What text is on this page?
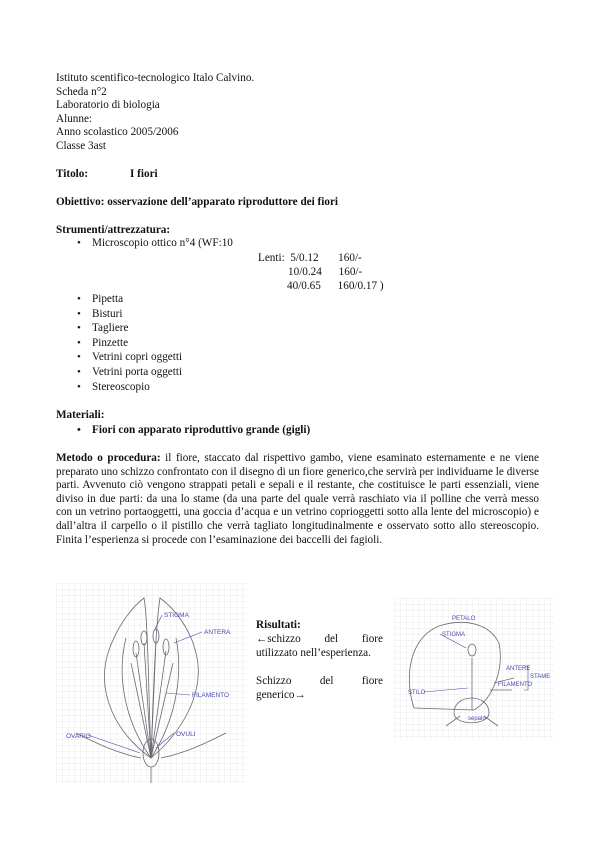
Istituto scentifico-tecnologico Italo Calvino.
Scheda n°2
Laboratorio di biologia
Alunne:
Anno scolastico 2005/2006
Classe 3ast
Titolo:	I fiori
Obiettivo: osservazione dell’apparato riproduttore dei fiori
Strumenti/attrezzatura:
• Microscopio ottico n°4 (WF:10
Lenti:  5/0.12       160/-
10/0.24      160/-
40/0.65      160/0.17 )
• Pipetta
• Bisturi
• Tagliere
• Pinzette
• Vetrini copri oggetti
• Vetrini porta oggetti
• Stereoscopio
Materiali:
• Fiori con apparato riproduttivo grande (gigli)
Metodo o procedura: il fiore, staccato dal rispettivo gambo, viene esaminato esternamente e ne viene preparato uno schizzo confrontato con il disegno di un fiore generico,che servirà per individuarne le diverse parti. Avvenuto ciò vengono strappati petali e sepali e il restante, che costituisce le parti essenziali, viene diviso in due parti: da una lo stame (da una parte del quale verrà raschiato via il polline che verrà messo con un vetrino portaoggetti, una goccia d’acqua e un vetrino coprioggetti sotto alla lente del microscopio) e dall’altra il carpello o il pistillo che verrà tagliato longitudinalmente e osservato sotto allo stereoscopio. Finita l’esperienza si procede con l’esaminazione dei baccelli dei fagioli.
ANTERA
STIGMA
FILAMENTO
OVARIO	OVULI
Risultati:
←schizzo del fiore
utilizzato nell’esperienza.

Schizzo del fiore
generico→
PETALO
STIGMA
ANTERE
STAME
FILAMENTO
STILO
sepalo
